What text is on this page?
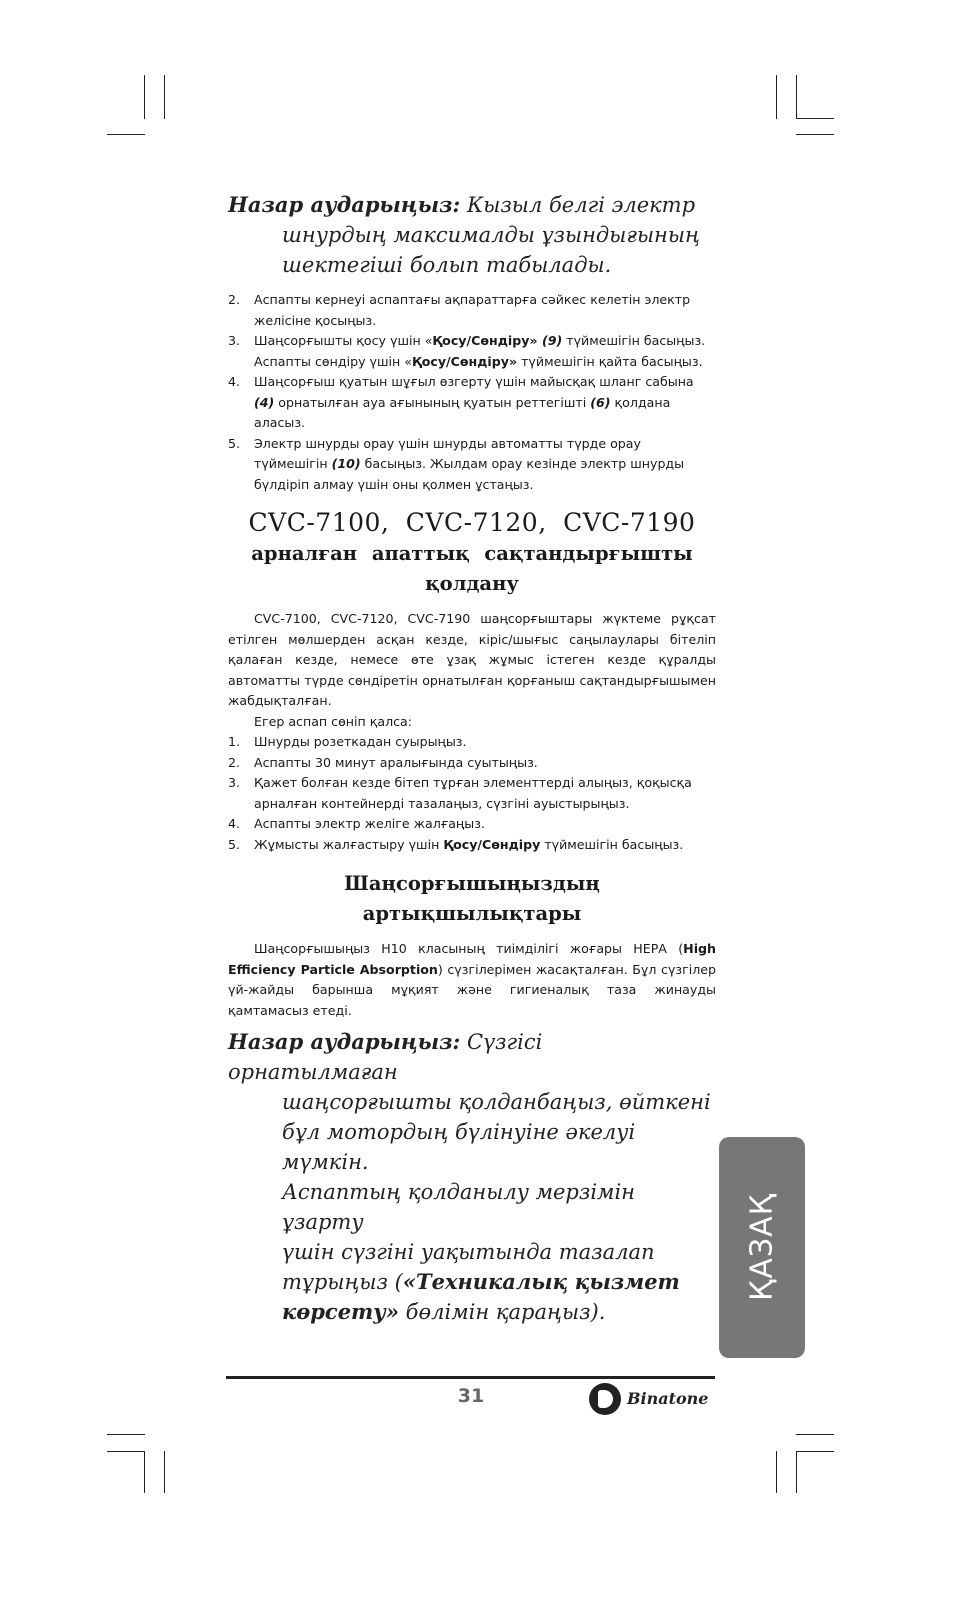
Назар аударыңыз: Кызыл белгі электр
шнурдың максималды ұзындығының
шектегіші болып табылады.
2. Аспапты кернеуі аспаптағы ақпараттарға сәйкес келетін электр желісіне қосыңыз.
3. Шаңсорғышты қосу үшін «Қосу/Сөндіру» (9) түймешігін басыңыз. Аспапты сөндіру үшін «Қосу/Сөндіру» түймешігін қайта басыңыз.
4. Шаңсорғыш қуатын шұғыл өзгерту үшін майысқақ шланг сабына (4) орнатылған ауа ағынының қуатын реттегішті (6) қолдана аласыз.
5. Электр шнурды орау үшін шнурды автоматты түрде орау түймешігін (10) басыңыз. Жылдам орау кезінде электр шнурды бүлдіріп алмау үшін оны қолмен ұстаңыз.
CVC-7100, CVC-7120, CVC-7190
арналған апаттық сақтандырғышты
қолдану

CVC-7100, CVC-7120, CVC-7190 шаңсорғыштары жүктеме рұқсат етілген мөлшерден асқан кезде, кіріс/шығыс саңылаулары бітеліп қалаған кезде, немесе өте ұзақ жұмыс істеген кезде құралды автоматты түрде сөндіретін орнатылған қорғаныш сақтандырғышымен жабдықталған.

Егер аспап сөніп қалса:

1. Шнурды розеткадан суырыңыз.
2. Аспапты 30 минут аралығында суытыңыз.
3. Қажет болған кезде бітеп тұрған элементтерді алыңыз, қоқысқа арналған контейнерді тазалаңыз, сүзгіні ауыстырыңыз.
4. Аспапты электр желіге жалғаңыз.
5. Жұмысты жалғастыру үшін Қосу/Сөндіру түймешігін басыңыз.
Шаңсорғышыңыздың артықшылықтары

Шаңсорғышыңыз Н10 класының тиімділігі жоғары НЕРА (High Efficiency Particle Absorption) сүзгілерімен жасақталған. Бұл сүзгілер үй-жайды барынша мұқият және гигиеналық таза жинауды қамтамасыз етеді.

Назар аударыңыз: Сүзгісі орнатылмаған
шаңсорғышты қолданбаңыз, өйткені
бұл мотордың бүлінуіне әкелуі мүмкін.
Аспаптың қолданылу мерзімін ұзарту
үшін сүзгіні уақытында тазалап
тұрыңыз («Техникалық қызмет
көрсету» бөлімін қараңыз).
ҚАЗАҚ
31	Binatone
